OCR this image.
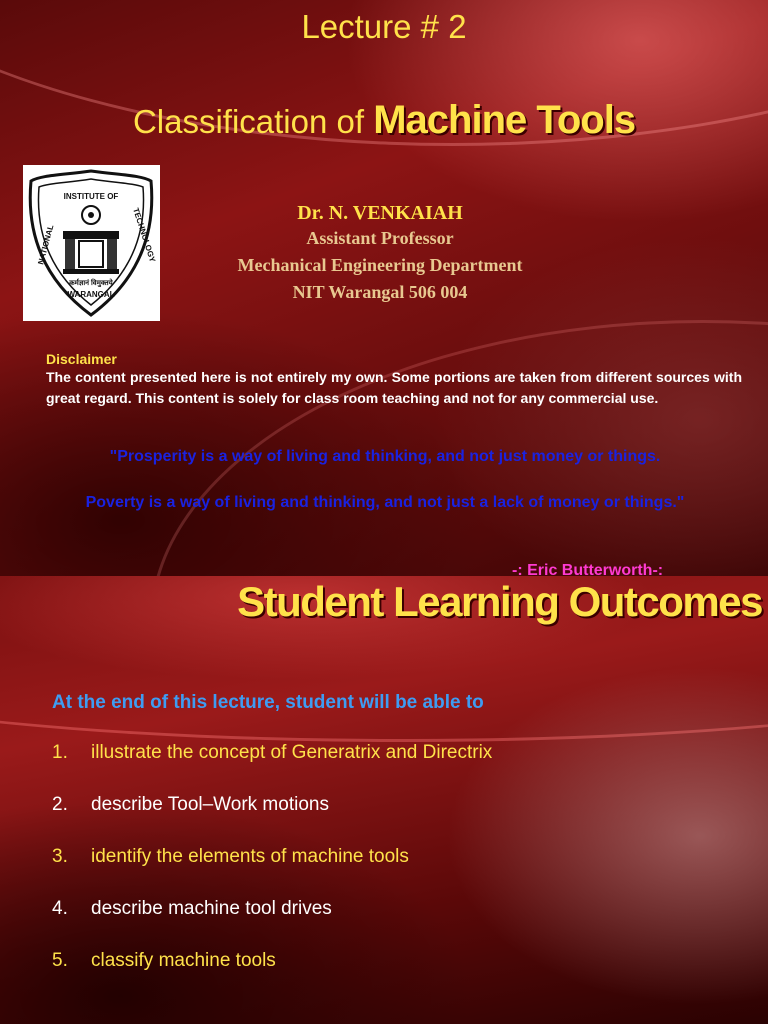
Lecture # 2
Classification of Machine Tools
INSTITUTE OF
NATIONAL	TECHNOLOGY
कर्मज्ञानं विमुक्तये
WARANGAL
Dr. N. VENKAIAH
Assistant Professor
Mechanical Engineering Department
NIT Warangal 506 004
Disclaimer
The content presented here is not entirely my own. Some portions are taken from different sources with great regard. This content is solely for class room teaching and not for any commercial use.
"Prosperity is a way of living and thinking, and not just money or things.
Poverty is a way of living and thinking, and not just a lack of money or things."
-: Eric Butterworth-:
Student Learning Outcomes
At the end of this lecture, student will be able to
1. illustrate the concept of Generatrix and Directrix
2. describe Tool–Work motions
3. identify the elements of machine tools
4. describe machine tool drives
5. classify machine tools
